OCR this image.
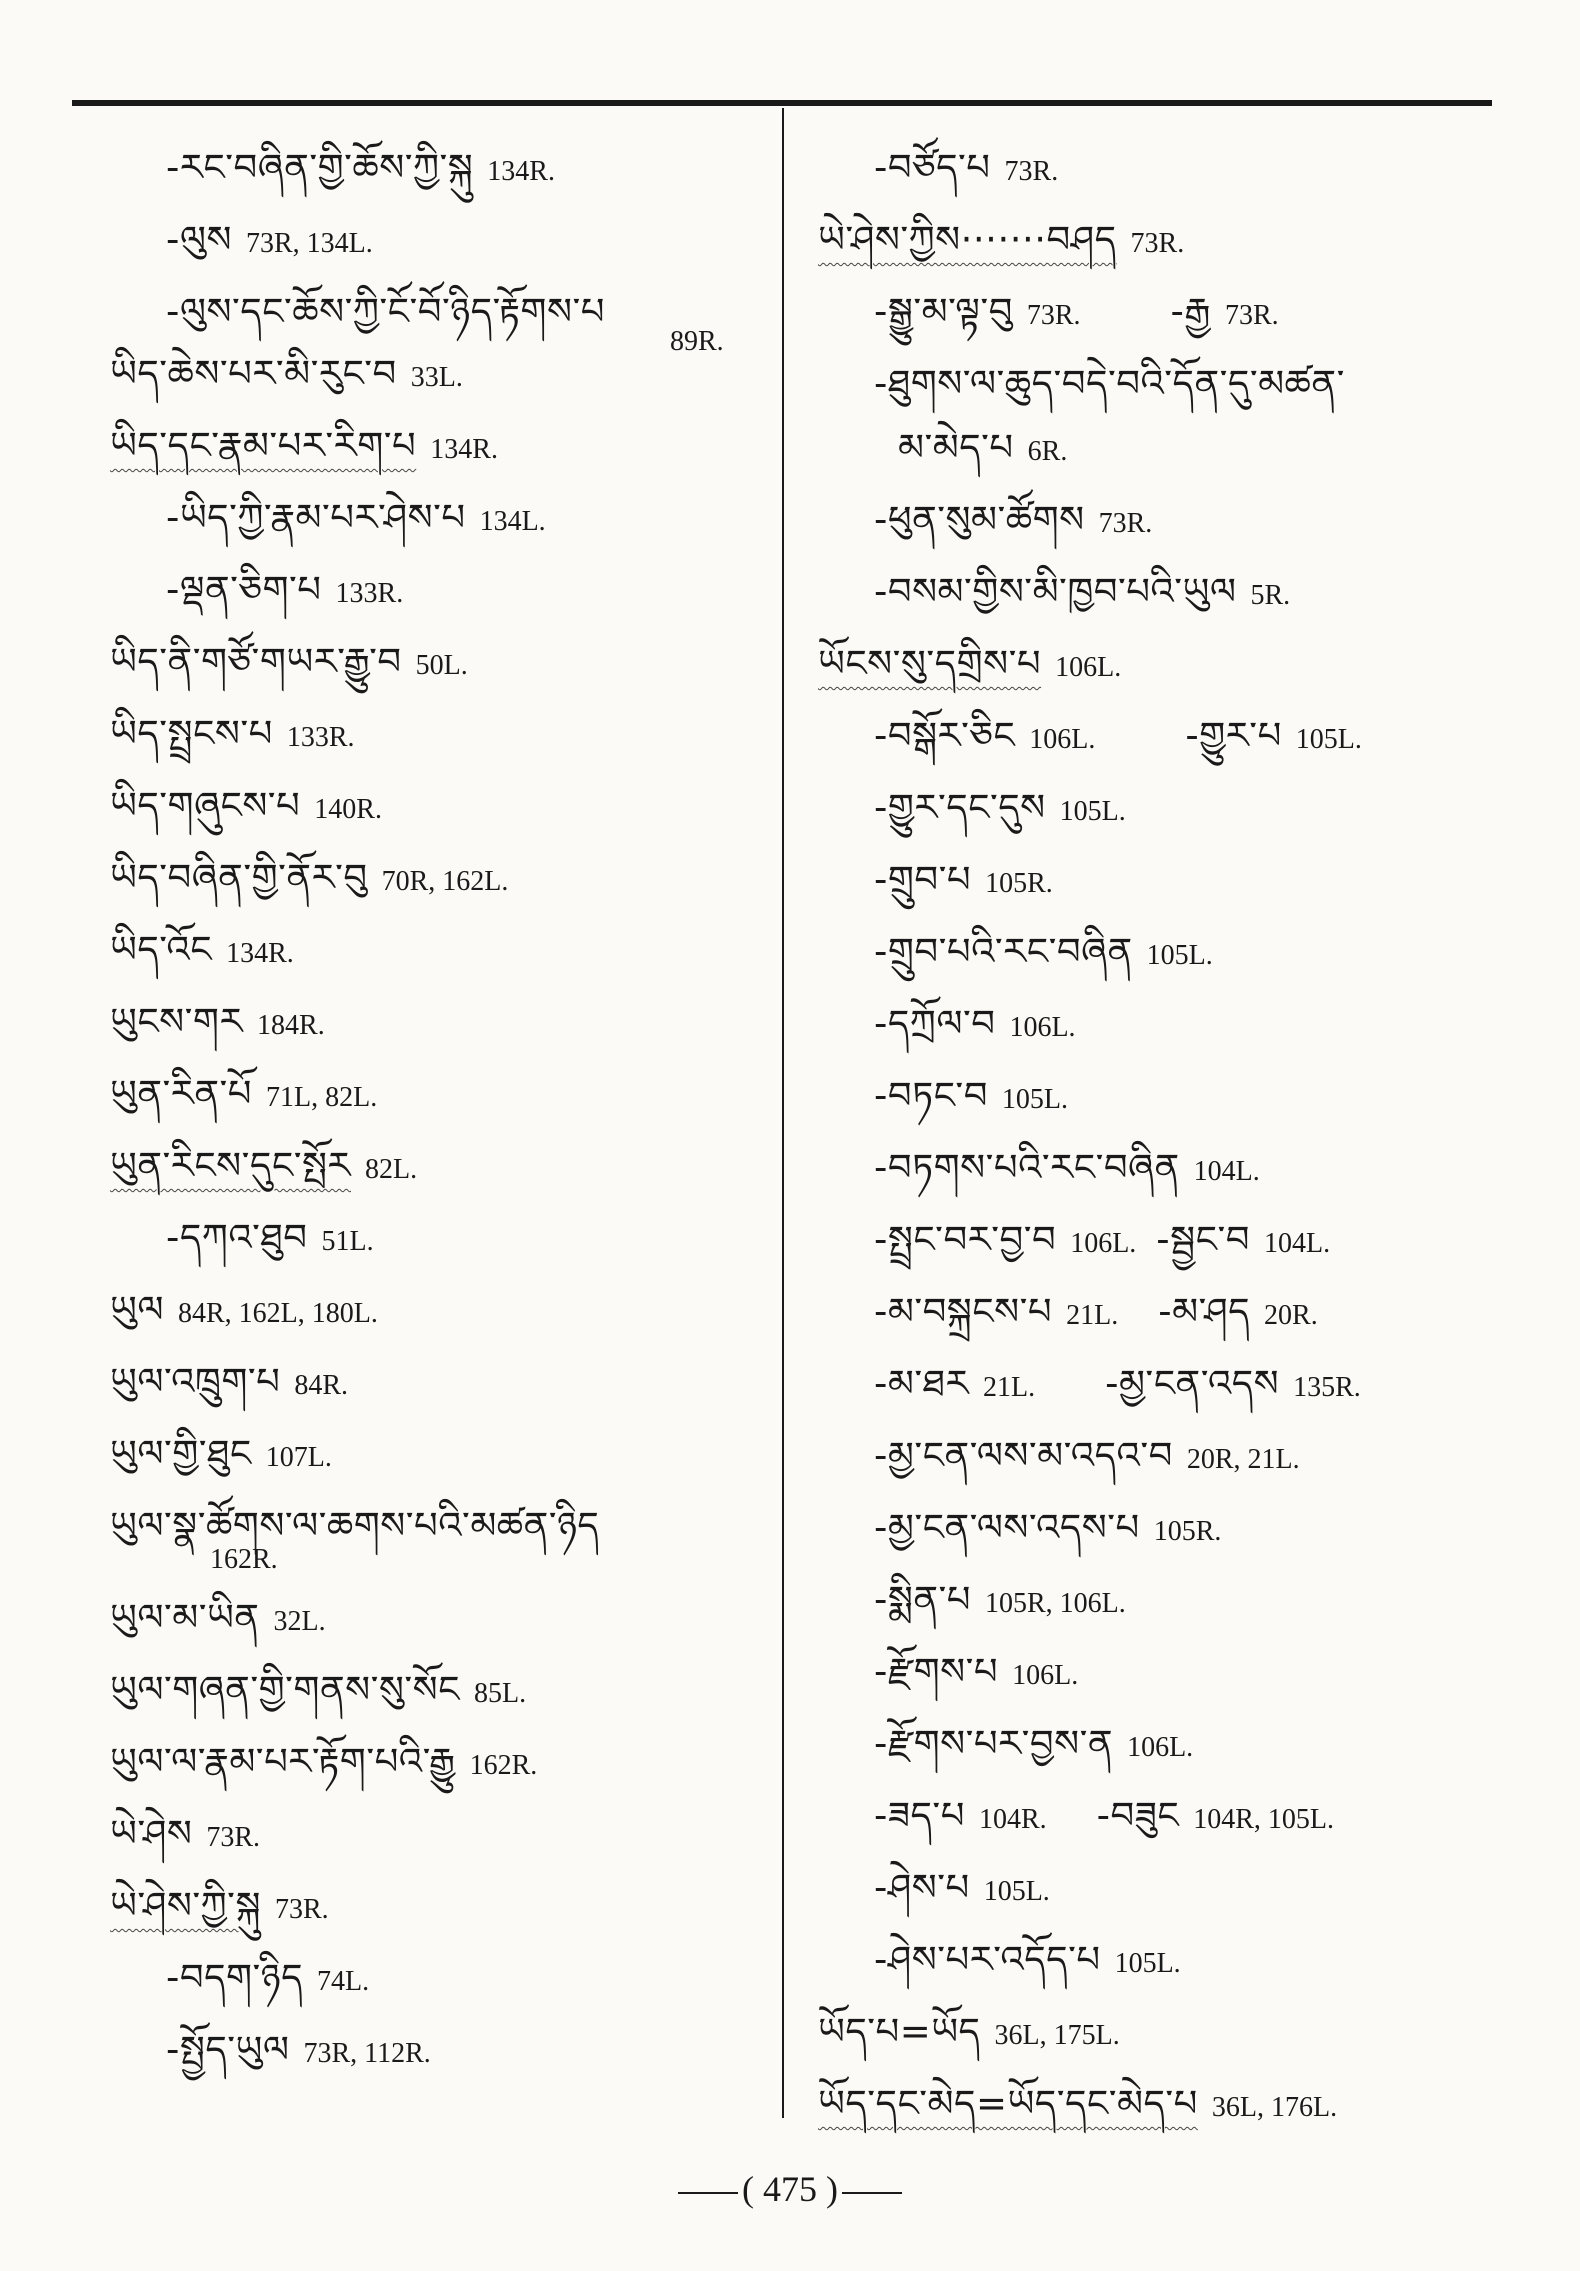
-རང་བཞིན་གྱི་ཆོས་ཀྱི་སྐུ 134R.
-ལུས 73R, 134L.
-ལུས་དང་ཆོས་ཀྱི་ངོ་བོ་ཉིད་རྟོགས་པ
89R.
ཡིད་ཆེས་པར་མི་རུང་བ 33L.
ཡིད་དང་རྣམ་པར་རིག་པ 134R.
-ཡིད་ཀྱི་རྣམ་པར་ཤེས་པ 134L.
-ལྡན་ཅིག་པ 133R.
ཡིད་ནི་གཙོ་གཡར་རྒྱུ་བ 50L.
ཡིད་སྤྲངས་པ 133R.
ཡིད་གཞུངས་པ 140R.
ཡིད་བཞིན་གྱི་ནོར་བུ 70R, 162L.
ཡིད་འོང 134R.
ཡུངས་གར 184R.
ཡུན་རིན་པོ 71L, 82L.
ཡུན་རིངས་དུང་སྤོར 82L.
-དཀའ་ཐུབ 51L.
ཡུལ 84R, 162L, 180L.
ཡུལ་འཁྲུག་པ 84R.
ཡུལ་གྱི་ཐུང 107L.
ཡུལ་སྣ་ཚོགས་ལ་ཆགས་པའི་མཚན་ཉིད
162R.
ཡུལ་མ་ཡིན 32L.
ཡུལ་གཞན་གྱི་གནས་སུ་སོང 85L.
ཡུལ་ལ་རྣམ་པར་རྟོག་པའི་རྒྱུ 162R.
ཡེ་ཤེས 73R.
ཡེ་ཤེས་ཀྱི་སྐུ 73R.
-བདག་ཉིད 74L.
-སྤྱོད་ཡུལ 73R, 112R.
-བཙོད་པ 73R.
ཡེ་ཤེས་ཀྱིས·······བཤད 73R.
-སྒྱུ་མ་ལྟ་བུ 73R. -རྒྱ 73R.
-ཐུགས་ལ་ཆུད་བདེ་བའི་དོན་དུ་མཚན་
མ་མེད་པ 6R.
-ཕུན་སུམ་ཚོགས 73R.
-བསམ་གྱིས་མི་ཁྱབ་པའི་ཡུལ 5R.
ཡོངས་སུ་དགྲིས་པ 106L.
-བསྒོར་ཅིང 106L. -གྱུར་པ 105L.
-གྱུར་དང་དུས 105L.
-གྲུབ་པ 105R.
-གྲུབ་པའི་རང་བཞིན 105L.
-དཀྲོལ་བ 106L.
-བཏང་བ 105L.
-བཏགས་པའི་རང་བཞིན 104L.
-སྤྲང་བར་བྱ་བ 106L. -སྦྱང་བ 104L.
-མ་བསྐྲངས་པ 21L. -མ་ཤད 20R.
-མ་ཐར 21L. -མྱ་ངན་འདས 135R.
-མྱ་ངན་ལས་མ་འདའ་བ 20R, 21L.
-མྱ་ངན་ལས་འདས་པ 105R.
-སྨིན་པ 105R, 106L.
-རྫོགས་པ 106L.
-རྫོགས་པར་བྱས་ན 106L.
-ཟད་པ 104R. -བཟུང 104R, 105L.
-ཤེས་པ 105L.
-ཤེས་པར་འདོད་པ 105L.
ཡོད་པ=ཡོད 36L, 175L.
ཡོད་དང་མེད=ཡོད་དང་མེད་པ 36L, 176L.
( 475 )
